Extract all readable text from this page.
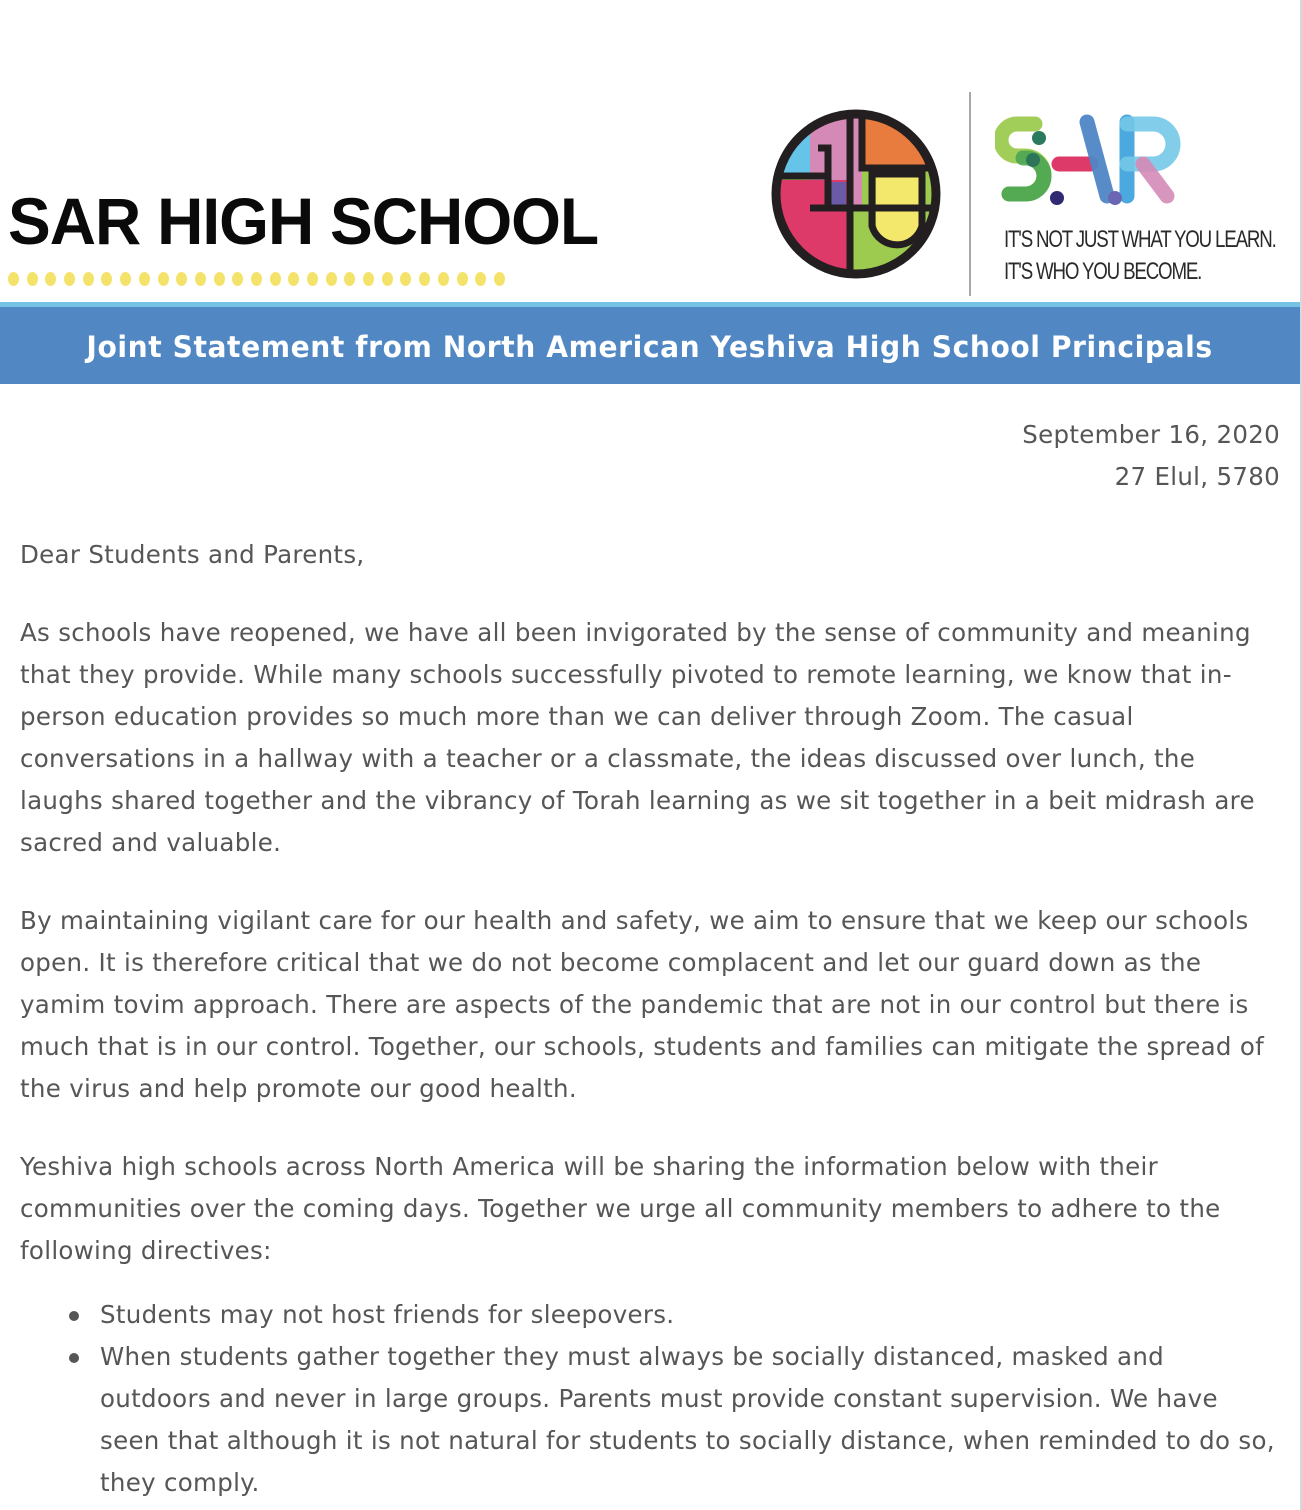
SAR HIGH SCHOOL	IT'S NOT JUST WHAT YOU LEARN.
IT'S WHO YOU BECOME.
Joint Statement from North American Yeshiva High School Principals
September 16, 2020
27 Elul, 5780

Dear Students and Parents,

As schools have reopened, we have all been invigorated by the sense of community and meaning that they provide. While many schools successfully pivoted to remote learning, we know that in-person education provides so much more than we can deliver through Zoom. The casual conversations in a hallway with a teacher or a classmate, the ideas discussed over lunch, the laughs shared together and the vibrancy of Torah learning as we sit together in a beit midrash are sacred and valuable.

By maintaining vigilant care for our health and safety, we aim to ensure that we keep our schools open. It is therefore critical that we do not become complacent and let our guard down as the yamim tovim approach. There are aspects of the pandemic that are not in our control but there is much that is in our control. Together, our schools, students and families can mitigate the spread of the virus and help promote our good health.

Yeshiva high schools across North America will be sharing the information below with their communities over the coming days. Together we urge all community members to adhere to the following directives:

Students may not host friends for sleepovers.
When students gather together they must always be socially distanced, masked and outdoors and never in large groups. Parents must provide constant supervision. We have seen that although it is not natural for students to socially distance, when reminded to do so, they comply.
